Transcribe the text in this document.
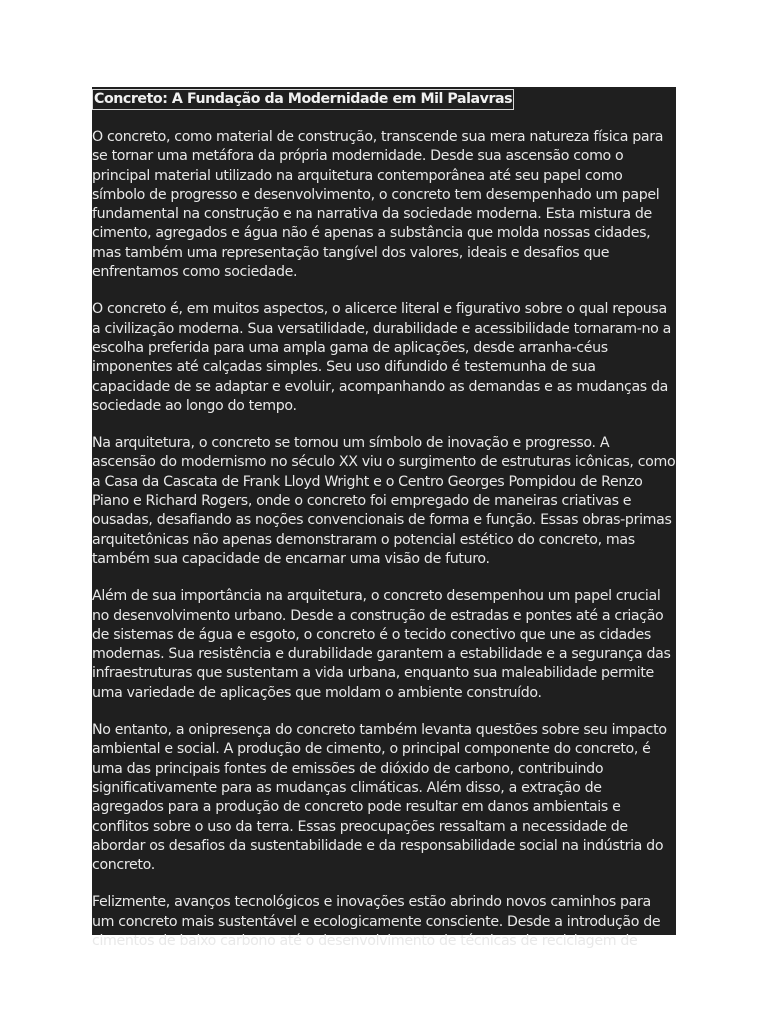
Concreto: A Fundação da Modernidade em Mil Palavras

O concreto, como material de construção, transcende sua mera natureza física para se tornar uma metáfora da própria modernidade. Desde sua ascensão como o principal material utilizado na arquitetura contemporânea até seu papel como símbolo de progresso e desenvolvimento, o concreto tem desempenhado um papel fundamental na construção e na narrativa da sociedade moderna. Esta mistura de cimento, agregados e água não é apenas a substância que molda nossas cidades, mas também uma representação tangível dos valores, ideais e desafios que enfrentamos como sociedade.

O concreto é, em muitos aspectos, o alicerce literal e figurativo sobre o qual repousa a civilização moderna. Sua versatilidade, durabilidade e acessibilidade tornaram-no a escolha preferida para uma ampla gama de aplicações, desde arranha-céus imponentes até calçadas simples. Seu uso difundido é testemunha de sua capacidade de se adaptar e evoluir, acompanhando as demandas e as mudanças da sociedade ao longo do tempo.

Na arquitetura, o concreto se tornou um símbolo de inovação e progresso. A ascensão do modernismo no século XX viu o surgimento de estruturas icônicas, como a Casa da Cascata de Frank Lloyd Wright e o Centro Georges Pompidou de Renzo Piano e Richard Rogers, onde o concreto foi empregado de maneiras criativas e ousadas, desafiando as noções convencionais de forma e função. Essas obras-primas arquitetônicas não apenas demonstraram o potencial estético do concreto, mas também sua capacidade de encarnar uma visão de futuro.

Além de sua importância na arquitetura, o concreto desempenhou um papel crucial no desenvolvimento urbano. Desde a construção de estradas e pontes até a criação de sistemas de água e esgoto, o concreto é o tecido conectivo que une as cidades modernas. Sua resistência e durabilidade garantem a estabilidade e a segurança das infraestruturas que sustentam a vida urbana, enquanto sua maleabilidade permite uma variedade de aplicações que moldam o ambiente construído.

No entanto, a onipresença do concreto também levanta questões sobre seu impacto ambiental e social. A produção de cimento, o principal componente do concreto, é uma das principais fontes de emissões de dióxido de carbono, contribuindo significativamente para as mudanças climáticas. Além disso, a extração de agregados para a produção de concreto pode resultar em danos ambientais e conflitos sobre o uso da terra. Essas preocupações ressaltam a necessidade de abordar os desafios da sustentabilidade e da responsabilidade social na indústria do concreto.

Felizmente, avanços tecnológicos e inovações estão abrindo novos caminhos para um concreto mais sustentável e ecologicamente consciente. Desde a introdução de cimentos de baixo carbono até o desenvolvimento de técnicas de reciclagem de
